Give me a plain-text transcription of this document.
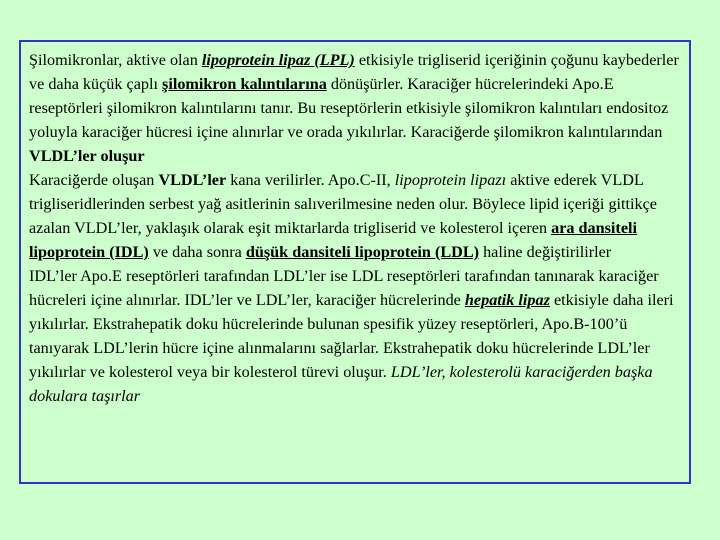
Şilomikronlar, aktive olan lipoprotein lipaz (LPL) etkisiyle trigliserid içeriğinin çoğunu kaybederler ve daha küçük çaplı şilomikron kalıntılarına dönüşürler. Karaciğer hücrelerindeki Apo.E reseptörleri şilomikron kalıntılarını tanır. Bu reseptörlerin etkisiyle şilomikron kalıntıları endositoz yoluyla karaciğer hücresi içine alınırlar ve orada yıkılırlar. Karaciğerde şilomikron kalıntılarından VLDL’ler oluşur

Karaciğerde oluşan VLDL’ler kana verilirler. Apo.C-II, lipoprotein lipazı aktive ederek VLDL trigliseridlerinden serbest yağ asitlerinin salıverilmesine neden olur. Böylece lipid içeriği gittikçe azalan VLDL’ler, yaklaşık olarak eşit miktarlarda trigliserid ve kolesterol içeren ara dansiteli lipoprotein (IDL) ve daha sonra düşük dansiteli lipoprotein (LDL) haline değiştirilirler

IDL’ler Apo.E reseptörleri tarafından LDL’ler ise LDL reseptörleri tarafından tanınarak karaciğer hücreleri içine alınırlar. IDL’ler ve LDL’ler, karaciğer hücrelerinde hepatik lipaz etkisiyle daha ileri yıkılırlar. Ekstrahepatik doku hücrelerinde bulunan spesifik yüzey reseptörleri, Apo.B-100’ü tanıyarak LDL’lerin hücre içine alınmalarını sağlarlar. Ekstrahepatik doku hücrelerinde LDL’ler yıkılırlar ve kolesterol veya bir kolesterol türevi oluşur. LDL’ler, kolesterolü karaciğerden başka dokulara taşırlar
